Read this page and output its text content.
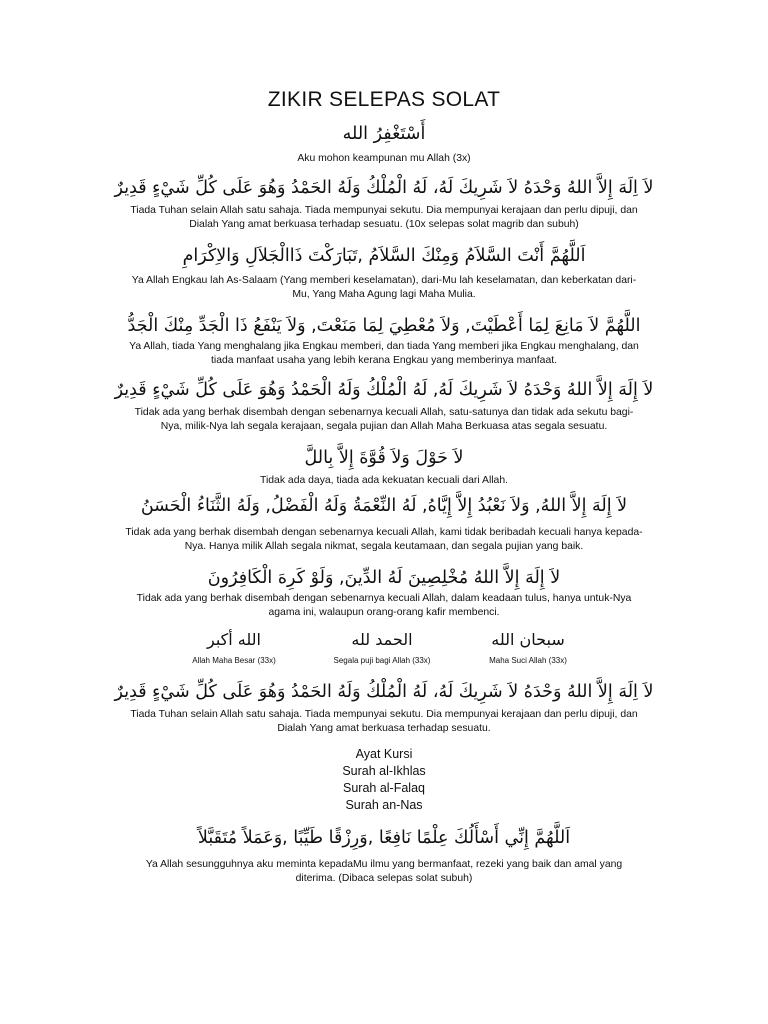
ZIKIR SELEPAS SOLAT
أَسْتَغْفِرُ الله

Aku mohon keampunan mu Allah (3x)

لاَ اِلَهَ إِلاَّ اللهُ وَحْدَهُ لاَ شَرِيكَ لَهُ، لَهُ الْمُلْكُ وَلَهُ الحَمْدُ وَهُوَ عَلَى كُلِّ شَيْءٍ قَدِيرٌ

Tiada Tuhan selain Allah satu sahaja. Tiada mempunyai sekutu. Dia mempunyai kerajaan dan perlu dipuji, dan

Dialah Yang amat berkuasa terhadap sesuatu. (10x selepas solat magrib dan subuh)

اَللَّهُمَّ أَنْتَ السَّلاَمُ وَمِنْكَ السَّلاَمُ ,تَبَارَكْتَ ذَاالْجَلاَلِ وَالاِكْرَامِ

Ya Allah Engkau lah As-Salaam (Yang memberi keselamatan), dari-Mu lah keselamatan, dan keberkatan dari-

Mu, Yang Maha Agung lagi Maha Mulia.

اللَّهُمَّ لاَ مَانِعَ لِمَا أَعْطَيْتَ, وَلاَ مُعْطِيَ لِمَا مَنَعْتَ, وَلاَ يَنْفَعُ ذَا الْجَدِّ مِنْكَ الْجَدُّ

Ya Allah, tiada Yang menghalang jika Engkau memberi, dan tiada Yang memberi jika Engkau menghalang, dan

tiada manfaat usaha yang lebih kerana Engkau yang memberinya manfaat.

لاَ إِلَهَ إِلاَّ اللهُ وَحْدَهُ لاَ شَرِيكَ لَهُ, لَهُ الْمُلْكُ وَلَهُ الْحَمْدُ وَهُوَ عَلَى كُلِّ شَيْءٍ قَدِيرٌ

Tidak ada yang berhak disembah dengan sebenarnya kecuali Allah, satu-satunya dan tidak ada sekutu bagi-

Nya, milik-Nya lah segala kerajaan, segala pujian dan Allah Maha Berkuasa atas segala sesuatu.

لاَ حَوْلَ وَلاَ قُوَّةَ إِلاَّ بِاللَّ

Tidak ada daya, tiada ada kekuatan kecuali dari Allah.

لاَ إِلَهَ إِلاَّ اللهُ, وَلاَ نَعْبُدُ إِلاَّ إِيَّاهُ, لَهُ النِّعْمَةُ وَلَهُ الْفَضْلُ, وَلَهُ الثَّنَاءُ الْحَسَنُ

Tidak ada yang berhak disembah dengan sebenarnya kecuali Allah, kami tidak beribadah kecuali hanya kepada-

Nya. Hanya milik Allah segala nikmat, segala keutamaan, dan segala pujian yang baik.

لاَ إِلَهَ إِلاَّ اللهُ مُخْلِصِينَ لَهُ الدِّينَ, وَلَوْ كَرِهَ الْكَافِرُونَ

Tidak ada yang berhak disembah dengan sebenarnya kecuali Allah, dalam keadaan tulus, hanya untuk-Nya

agama ini, walaupun orang-orang kafir membenci.

الله أكبر
Allah Maha Besar (33x)
الحمد لله
Segala puji bagi Allah (33x)
سبحان الله
Maha Suci Allah (33x)
لاَ اِلَهَ إِلاَّ اللهُ وَحْدَهُ لاَ شَرِيكَ لَهُ، لَهُ الْمُلْكُ وَلَهُ الحَمْدُ وَهُوَ عَلَى كُلِّ شَيْءٍ قَدِيرٌ

Tiada Tuhan selain Allah satu sahaja. Tiada mempunyai sekutu. Dia mempunyai kerajaan dan perlu dipuji, dan

Dialah Yang amat berkuasa terhadap sesuatu.

Ayat Kursi
Surah al-Ikhlas
Surah al-Falaq
Surah an-Nas
اَللَّهُمَّ إِنِّي أَسْأَلُكَ عِلْمًا نَافِعًا ,وَرِزْقًا طَيِّبًا ,وَعَمَلاً مُتَقَبَّلاً

Ya Allah sesungguhnya aku meminta kepadaMu ilmu yang bermanfaat, rezeki yang baik dan amal yang

diterima. (Dibaca selepas solat subuh)
